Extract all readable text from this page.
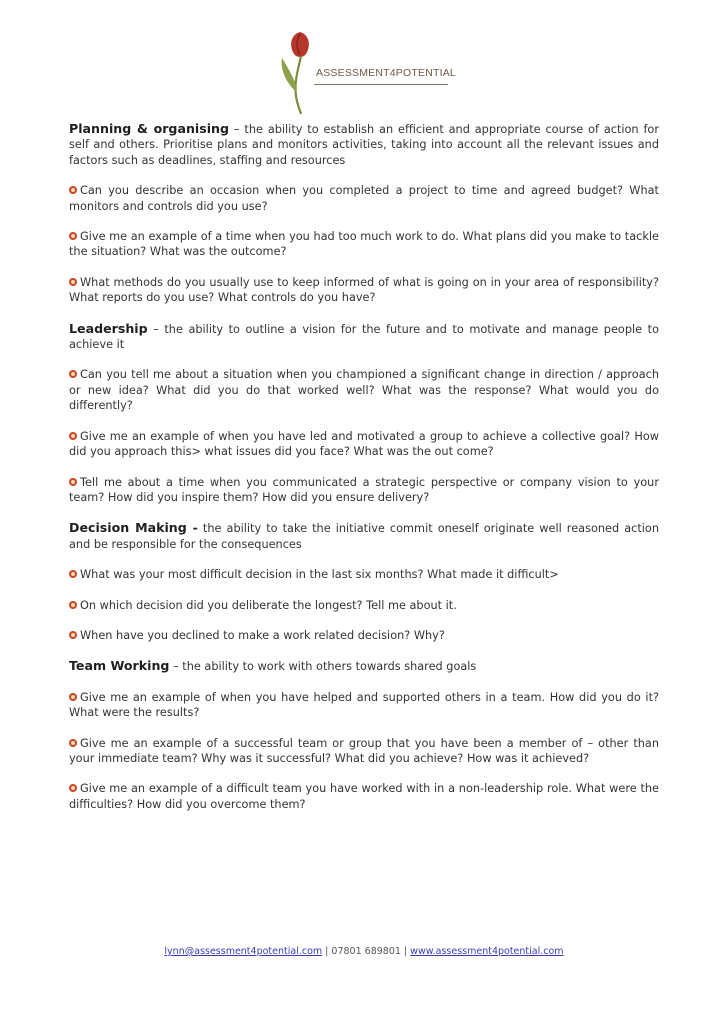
ASSESSMENT4POTENTIAL
Planning & organising – the ability to establish an efficient and appropriate course of action for self and others. Prioritise plans and monitors activities, taking into account all the relevant issues and factors such as deadlines, staffing and resources
Can you describe an occasion when you completed a project to time and agreed budget? What monitors and controls did you use?
Give me an example of a time when you had too much work to do. What plans did you make to tackle the situation? What was the outcome?
What methods do you usually use to keep informed of what is going on in your area of responsibility? What reports do you use? What controls do you have?
Leadership – the ability to outline a vision for the future and to motivate and manage people to achieve it
Can you tell me about a situation when you championed a significant change in direction / approach or new idea? What did you do that worked well? What was the response? What would you do differently?
Give me an example of when you have led and motivated a group to achieve a collective goal? How did you approach this> what issues did you face? What was the out come?
Tell me about a time when you communicated a strategic perspective or company vision to your team? How did you inspire them? How did you ensure delivery?
Decision Making - the ability to take the initiative commit oneself originate well reasoned action and be responsible for the consequences
What was your most difficult decision in the last six months? What made it difficult>
On which decision did you deliberate the longest? Tell me about it.
When have you declined to make a work related decision? Why?
Team Working – the ability to work with others towards shared goals
Give me an example of when you have helped and supported others in a team. How did you do it? What were the results?
Give me an example of a successful team or group that you have been a member of – other than your immediate team? Why was it successful? What did you achieve? How was it achieved?
Give me an example of a difficult team you have worked with in a non-leadership role. What were the difficulties? How did you overcome them?
lynn@assessment4potential.com | 07801 689801 | www.assessment4potential.com
